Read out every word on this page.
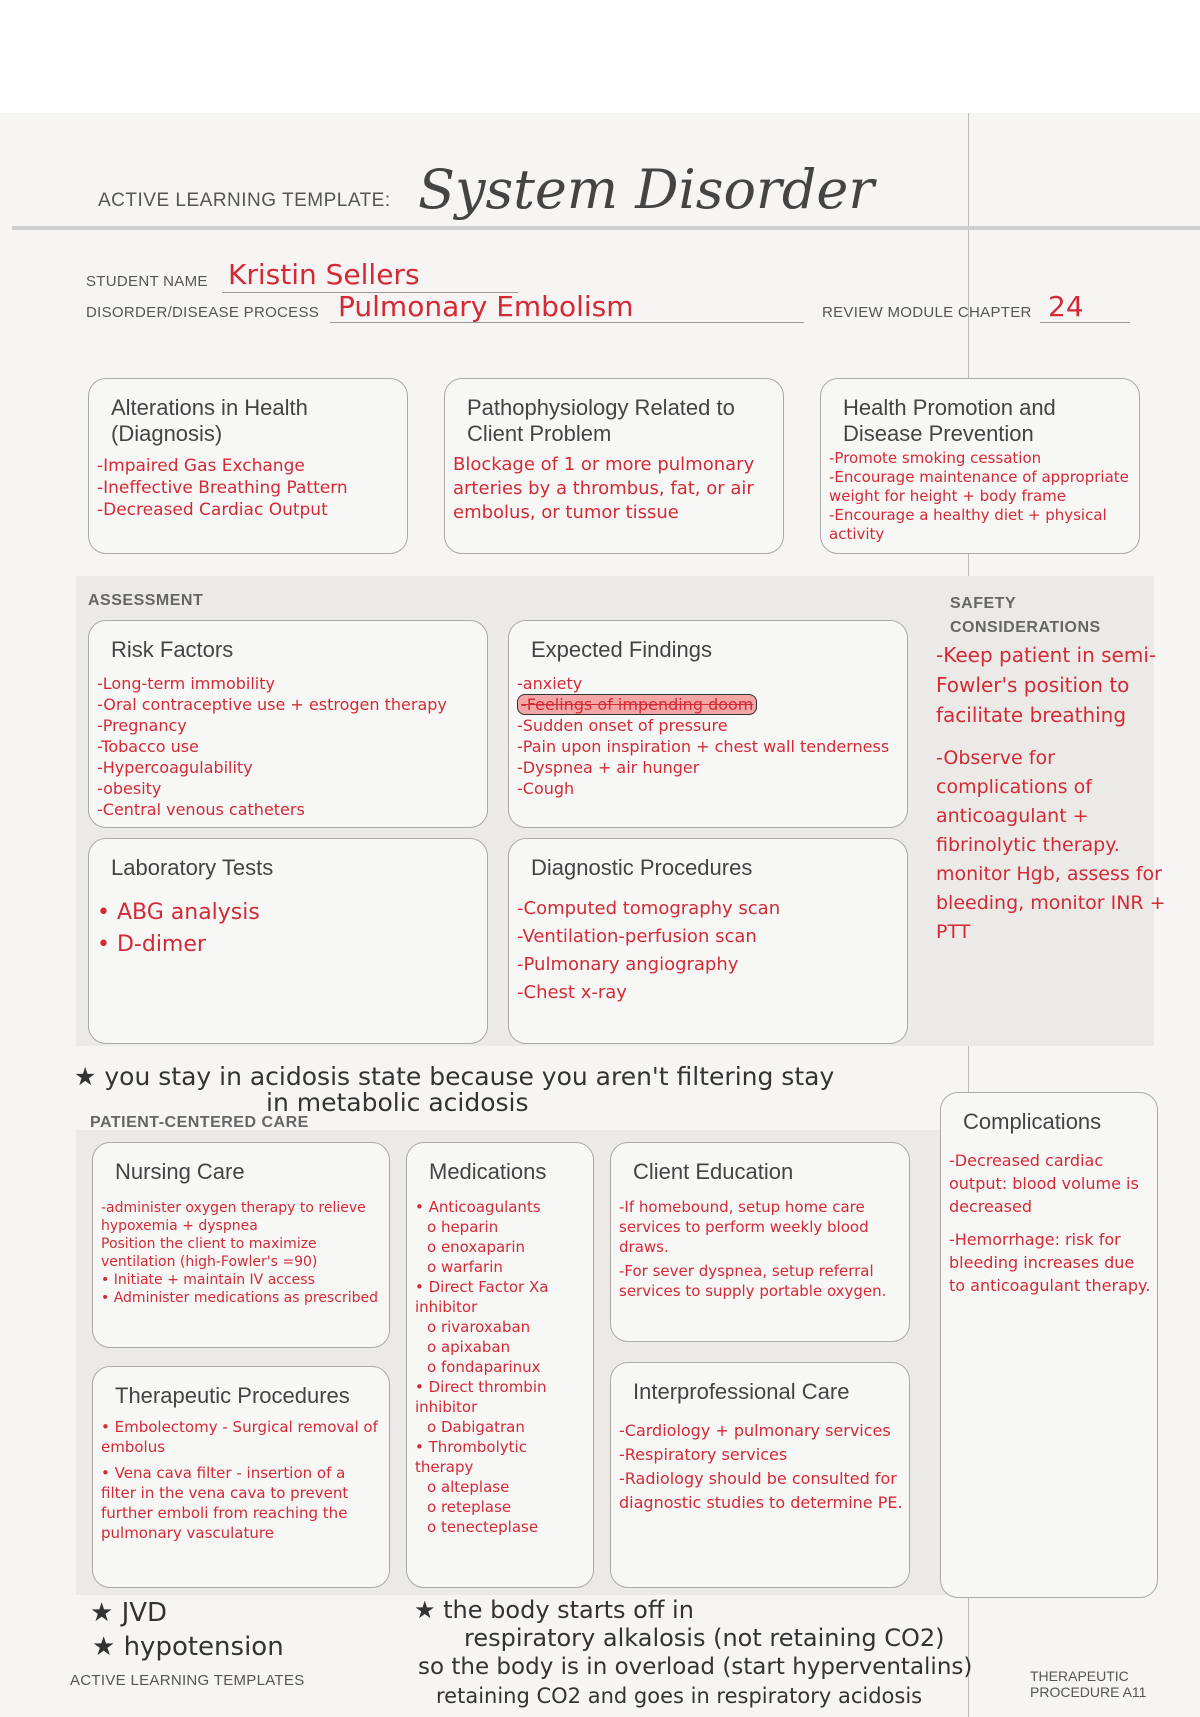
ACTIVE LEARNING TEMPLATE: System Disorder
STUDENT NAME Kristin Sellers
DISORDER/DISEASE PROCESS Pulmonary Embolism	REVIEW MODULE CHAPTER 24
Alterations in Health (Diagnosis)
-Impaired Gas Exchange
-Ineffective Breathing Pattern
-Decreased Cardiac Output
Pathophysiology Related to Client Problem
Blockage of 1 or more pulmonary arteries by a thrombus, fat, or air embolus, or tumor tissue
Health Promotion and Disease Prevention
-Promote smoking cessation
-Encourage maintenance of appropriate weight for height + body frame
-Encourage a healthy diet + physical activity
ASSESSMENT
Risk Factors
-Long-term immobility
-Oral contraceptive use + estrogen therapy
-Pregnancy
-Tobacco use
-Hypercoagulability
-obesity
-Central venous catheters
Expected Findings
-anxiety
-Feelings of impending doom
-Sudden onset of pressure
-Pain upon inspiration + chest wall tenderness
-Dyspnea + air hunger
-Cough
Laboratory Tests
• ABG analysis
• D-dimer
Diagnostic Procedures
-Computed tomography scan
-Ventilation-perfusion scan
-Pulmonary angiography
-Chest x-ray
SAFETY
CONSIDERATIONS
-Keep patient in semi-Fowler's position to facilitate breathing
-Observe for complications of anticoagulant + fibrinolytic therapy. monitor Hgb, assess for bleeding, monitor INR + PTT
★ you stay in acidosis state because you aren't filtering stay
in metabolic acidosis
PATIENT-CENTERED CARE
Nursing Care
-administer oxygen therapy to relieve hypoxemia + dyspnea
Position the client to maximize ventilation (high-Fowler's =90)
• Initiate + maintain IV access
• Administer medications as prescribed
Medications
• Anticoagulants
o heparin
o enoxaparin
o warfarin
• Direct Factor Xa inhibitor
o rivaroxaban
o apixaban
o fondaparinux
• Direct thrombin inhibitor
o Dabigatran
• Thrombolytic therapy
o alteplase
o reteplase
o tenecteplase
Client Education
-If homebound, setup home care services to perform weekly blood draws.
-For sever dyspnea, setup referral services to supply portable oxygen.
Therapeutic Procedures
• Embolectomy - Surgical removal of embolus
• Vena cava filter - insertion of a filter in the vena cava to prevent further emboli from reaching the pulmonary vasculature
Interprofessional Care
-Cardiology + pulmonary services
-Respiratory services
-Radiology should be consulted for diagnostic studies to determine PE.
Complications
-Decreased cardiac output: blood volume is decreased
-Hemorrhage: risk for bleeding increases due to anticoagulant therapy.
★ JVD
★ hypotension
★ the body starts off in
respiratory alkalosis (not retaining CO2)
so the body is in overload (start hyperventalins)
retaining CO2 and goes in respiratory acidosis
ACTIVE LEARNING TEMPLATES	THERAPEUTIC PROCEDURE A11
